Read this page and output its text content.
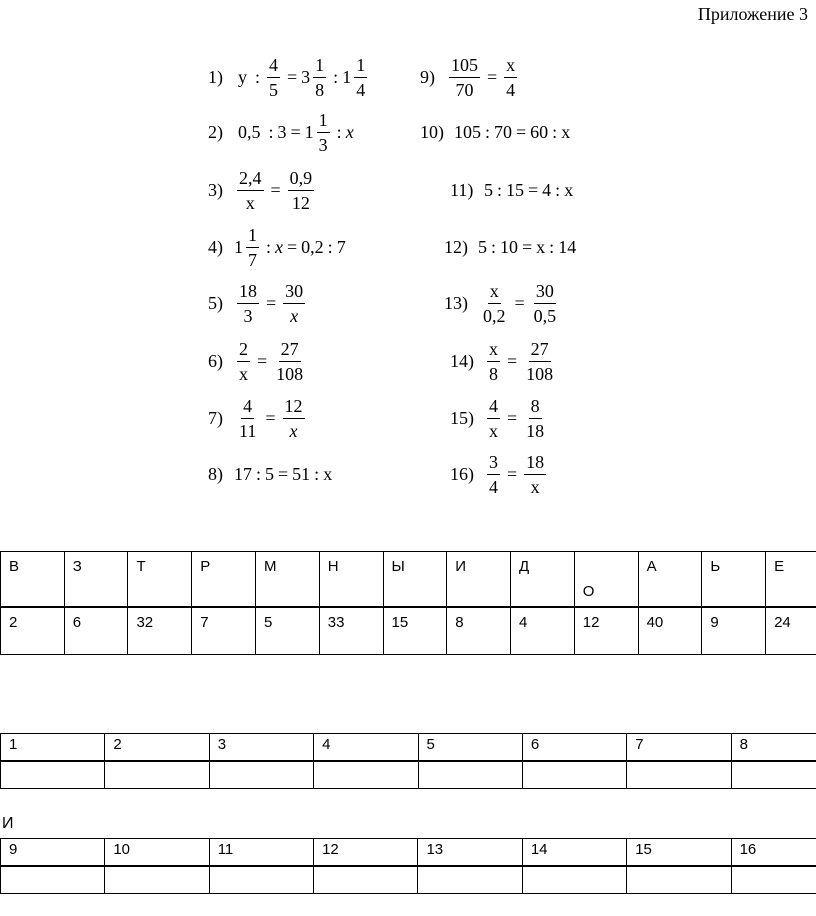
Приложение 3
1) у : $\frac{4}{5} = 3 \frac{1}{8}$ : $1 \frac{1}{4}$
2) 0,5 : $3 = 1 \frac{1}{3}$ : x
$3) \frac{2,4}{х} = \frac{0,9}{12}$
4) $1 \frac{1}{7}$ : x = 0,2 : 7
$5) \frac{18}{3} = \frac{30}{x}$
$6) \frac{2}{х} = \frac{27}{108}$
$7) \frac{4}{11} = \frac{12}{x}$
8) 17 : 5 = 51 : х
$9) \frac{105}{70} = \frac{х}{4}$
10) 105 : 70 = 60 : х
11) 5 : 15 = 4 : х
12) 5 : 10 = х : 14
$13) \frac{х}{0,2} = \frac{30}{0,5}$
$14) \frac{х}{8} = \frac{27}{108}$
$15) \frac{4}{х} = \frac{8}{18}$
$16) \frac{3}{4} = \frac{18}{х}$
В	З	Т	Р	М	Н	Ы	И	Д	О	А	Ь	Е
2	6	32	7	5	33	15	8	4	12	40	9	24
1	2	3	4	5	6	7	8

И
9	10	11	12	13	14	15	16
